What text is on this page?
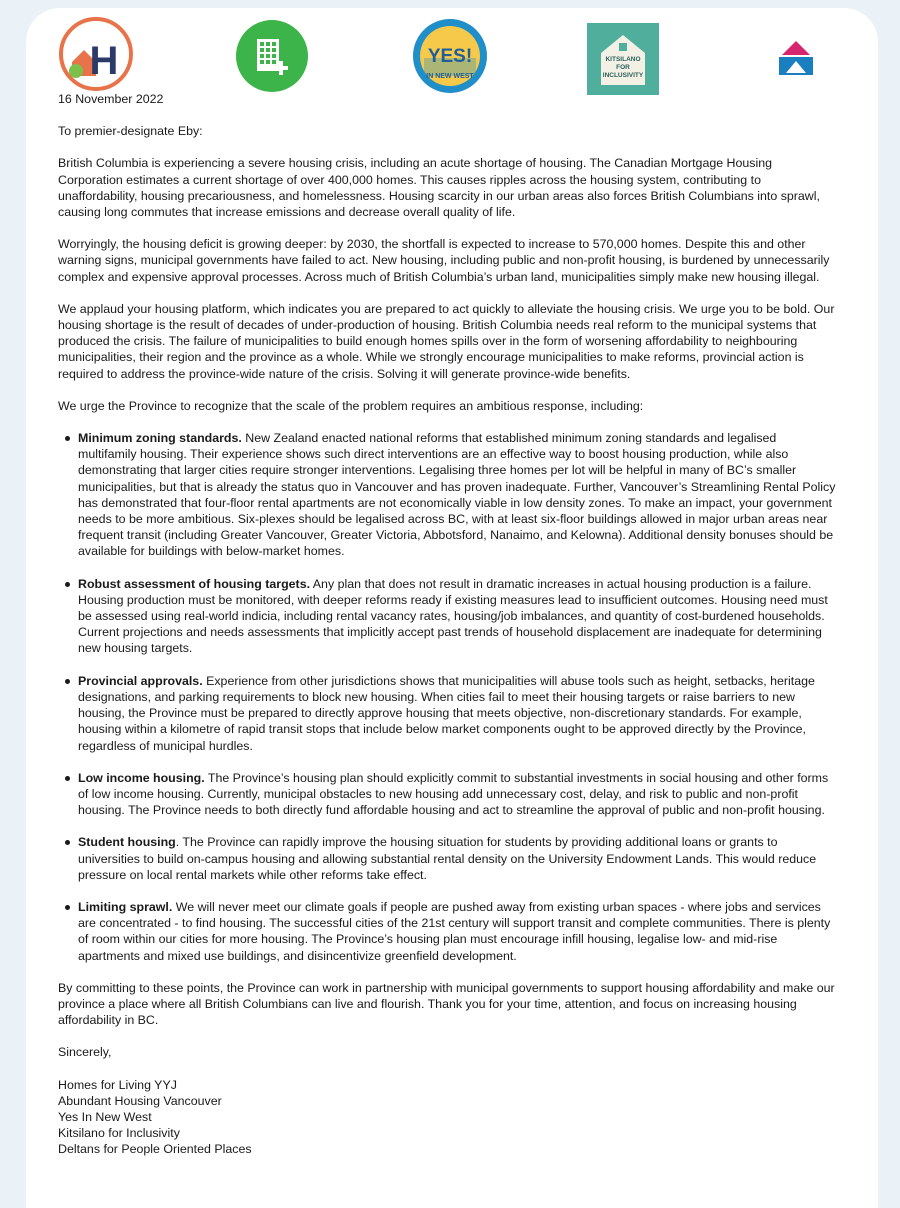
H	YES!
IN NEW WEST
KITSILANO
FOR
INCLUSIVITY

16 November 2022

To premier-designate Eby:

British Columbia is experiencing a severe housing crisis, including an acute shortage of housing. The Canadian Mortgage Housing Corporation estimates a current shortage of over 400,000 homes. This causes ripples across the housing system, contributing to unaffordability, housing precariousness, and homelessness. Housing scarcity in our urban areas also forces British Columbians into sprawl, causing long commutes that increase emissions and decrease overall quality of life.

Worryingly, the housing deficit is growing deeper: by 2030, the shortfall is expected to increase to 570,000 homes. Despite this and other warning signs, municipal governments have failed to act. New housing, including public and non-profit housing, is burdened by unnecessarily complex and expensive approval processes. Across much of British Columbia’s urban land, municipalities simply make new housing illegal.

We applaud your housing platform, which indicates you are prepared to act quickly to alleviate the housing crisis. We urge you to be bold. Our housing shortage is the result of decades of under-production of housing. British Columbia needs real reform to the municipal systems that produced the crisis. The failure of municipalities to build enough homes spills over in the form of worsening affordability to neighbouring municipalities, their region and the province as a whole. While we strongly encourage municipalities to make reforms, provincial action is required to address the province-wide nature of the crisis. Solving it will generate province-wide benefits.

We urge the Province to recognize that the scale of the problem requires an ambitious response, including:

Minimum zoning standards. New Zealand enacted national reforms that established minimum zoning standards and legalised multifamily housing. Their experience shows such direct interventions are an effective way to boost housing production, while also demonstrating that larger cities require stronger interventions. Legalising three homes per lot will be helpful in many of BC’s smaller municipalities, but that is already the status quo in Vancouver and has proven inadequate. Further, Vancouver’s Streamlining Rental Policy has demonstrated that four-floor rental apartments are not economically viable in low density zones. To make an impact, your government needs to be more ambitious. Six-plexes should be legalised across BC, with at least six-floor buildings allowed in major urban areas near frequent transit (including Greater Vancouver, Greater Victoria, Abbotsford, Nanaimo, and Kelowna). Additional density bonuses should be available for buildings with below-market homes.
Robust assessment of housing targets. Any plan that does not result in dramatic increases in actual housing production is a failure. Housing production must be monitored, with deeper reforms ready if existing measures lead to insufficient outcomes. Housing need must be assessed using real-world indicia, including rental vacancy rates, housing/job imbalances, and quantity of cost-burdened households. Current projections and needs assessments that implicitly accept past trends of household displacement are inadequate for determining new housing targets.
Provincial approvals. Experience from other jurisdictions shows that municipalities will abuse tools such as height, setbacks, heritage designations, and parking requirements to block new housing. When cities fail to meet their housing targets or raise barriers to new housing, the Province must be prepared to directly approve housing that meets objective, non-discretionary standards. For example, housing within a kilometre of rapid transit stops that include below market components ought to be approved directly by the Province, regardless of municipal hurdles.
Low income housing. The Province’s housing plan should explicitly commit to substantial investments in social housing and other forms of low income housing. Currently, municipal obstacles to new housing add unnecessary cost, delay, and risk to public and non-profit housing. The Province needs to both directly fund affordable housing and act to streamline the approval of public and non-profit housing.
Student housing. The Province can rapidly improve the housing situation for students by providing additional loans or grants to universities to build on-campus housing and allowing substantial rental density on the University Endowment Lands. This would reduce pressure on local rental markets while other reforms take effect.
Limiting sprawl. We will never meet our climate goals if people are pushed away from existing urban spaces - where jobs and services are concentrated - to find housing. The successful cities of the 21st century will support transit and complete communities. There is plenty of room within our cities for more housing. The Province’s housing plan must encourage infill housing, legalise low- and mid-rise apartments and mixed use buildings, and disincentivize greenfield development.

By committing to these points, the Province can work in partnership with municipal governments to support housing affordability and make our province a place where all British Columbians can live and flourish. Thank you for your time, attention, and focus on increasing housing affordability in BC.

Sincerely,

Homes for Living YYJ
Abundant Housing Vancouver
Yes In New West
Kitsilano for Inclusivity
Deltans for People Oriented Places
